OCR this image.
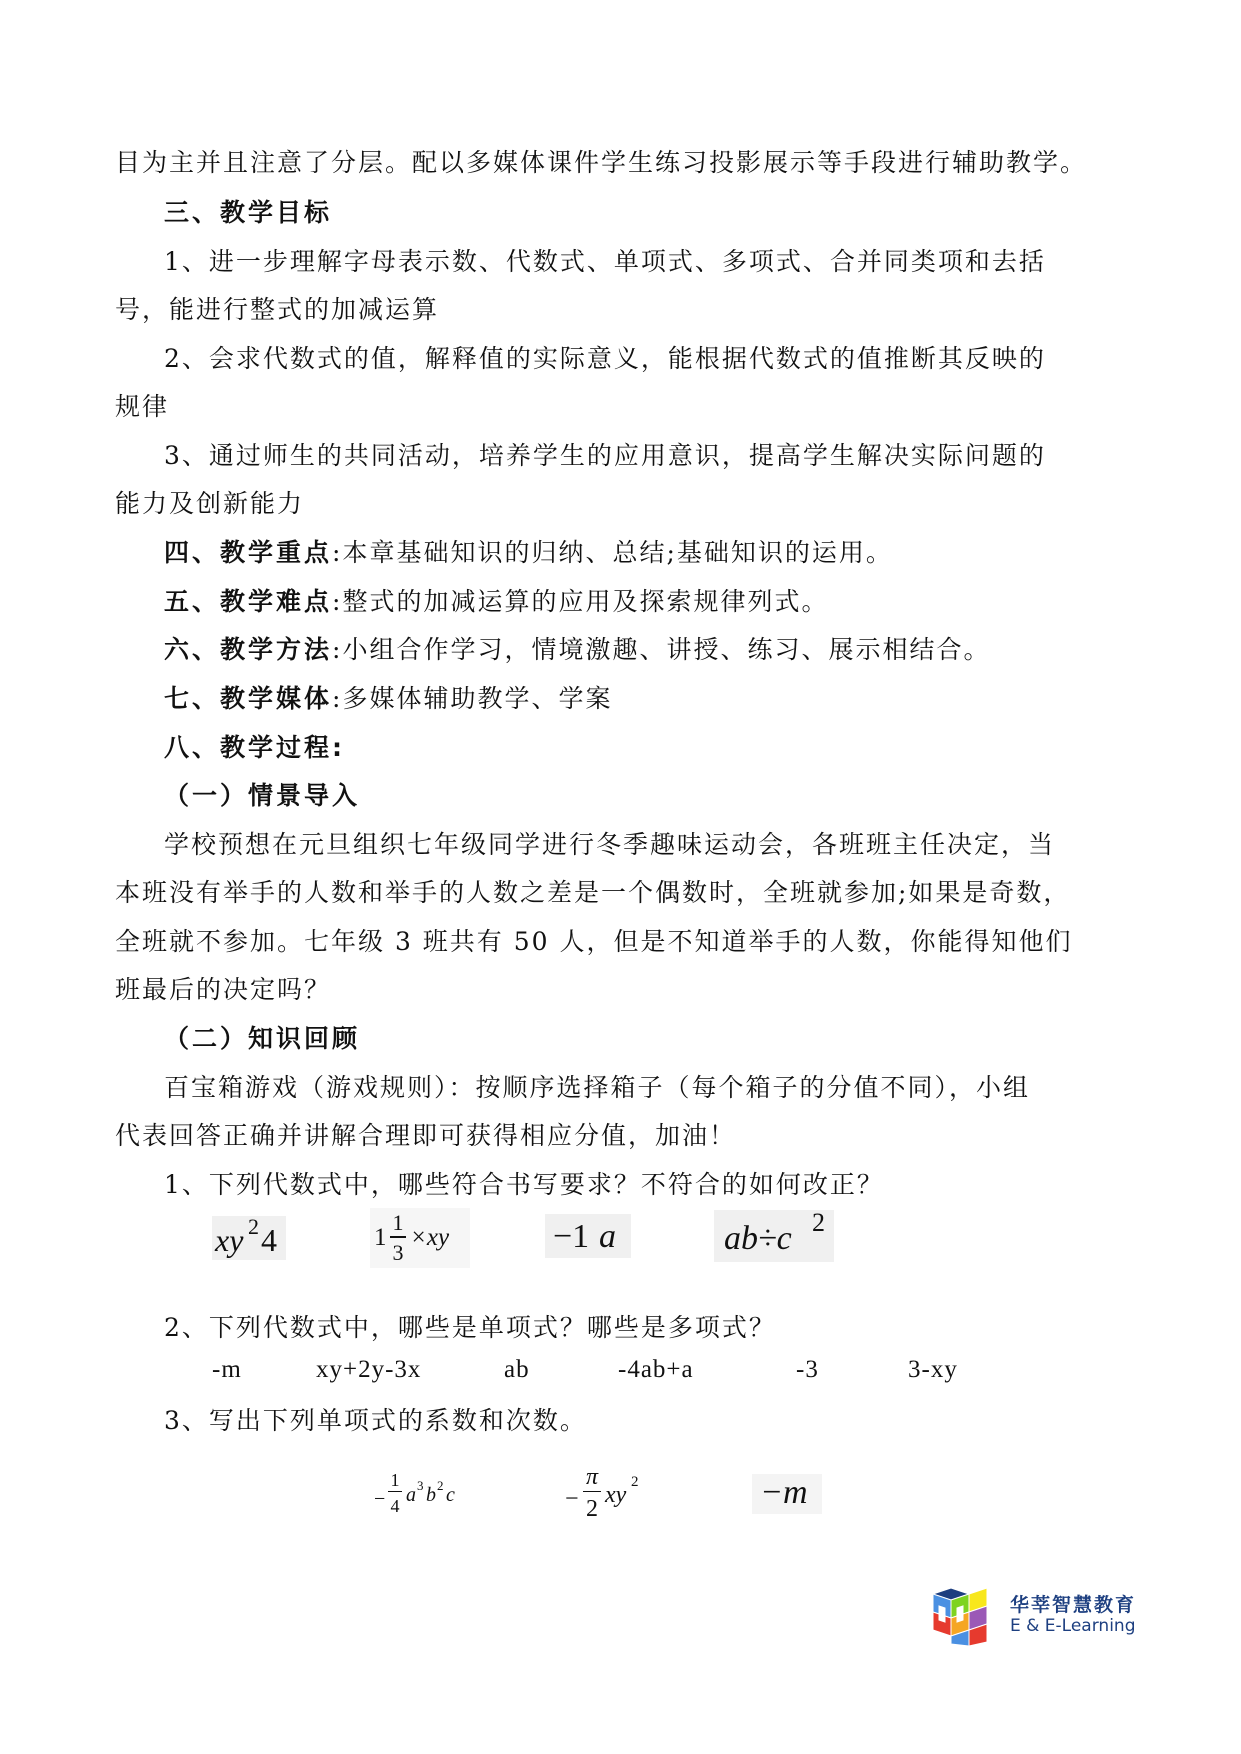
目为主并且注意了分层。配以多媒体课件学生练习投影展示等手段进行辅助教学。
三、教学目标
1、进一步理解字母表示数、代数式、单项式、多项式、合并同类项和去括
号，能进行整式的加减运算
2、会求代数式的值，解释值的实际意义，能根据代数式的值推断其反映的
规律
3、通过师生的共同活动，培养学生的应用意识，提高学生解决实际问题的
能力及创新能力
四、教学重点:本章基础知识的归纳、总结;基础知识的运用。
五、教学难点:整式的加减运算的应用及探索规律列式。
六、教学方法:小组合作学习，情境激趣、讲授、练习、展示相结合。
七、教学媒体:多媒体辅助教学、学案
八、教学过程:
（一）情景导入
学校预想在元旦组织七年级同学进行冬季趣味运动会，各班班主任决定，当
本班没有举手的人数和举手的人数之差是一个偶数时，全班就参加;如果是奇数，
全班就不参加。七年级 3 班共有 50 人，但是不知道举手的人数，你能得知他们
班最后的决定吗？
（二）知识回顾
百宝箱游戏（游戏规则）：按顺序选择箱子（每个箱子的分值不同），小组
代表回答正确并讲解合理即可获得相应分值，加油！
1、下列代数式中，哪些符合书写要求？不符合的如何改正？
xy 2 4	1
1
3
×xy	−1 a	ab÷c 2
2、下列代数式中，哪些是单项式？哪些是多项式？
-m	xy+2y-3x	ab	-4ab+a	-3	3-xy
3、写出下列单项式的系数和次数。
−
1
4 a 3 b 2 c	−
π
2
xy 2	−m
华莘智慧教育
E & E-Learning
